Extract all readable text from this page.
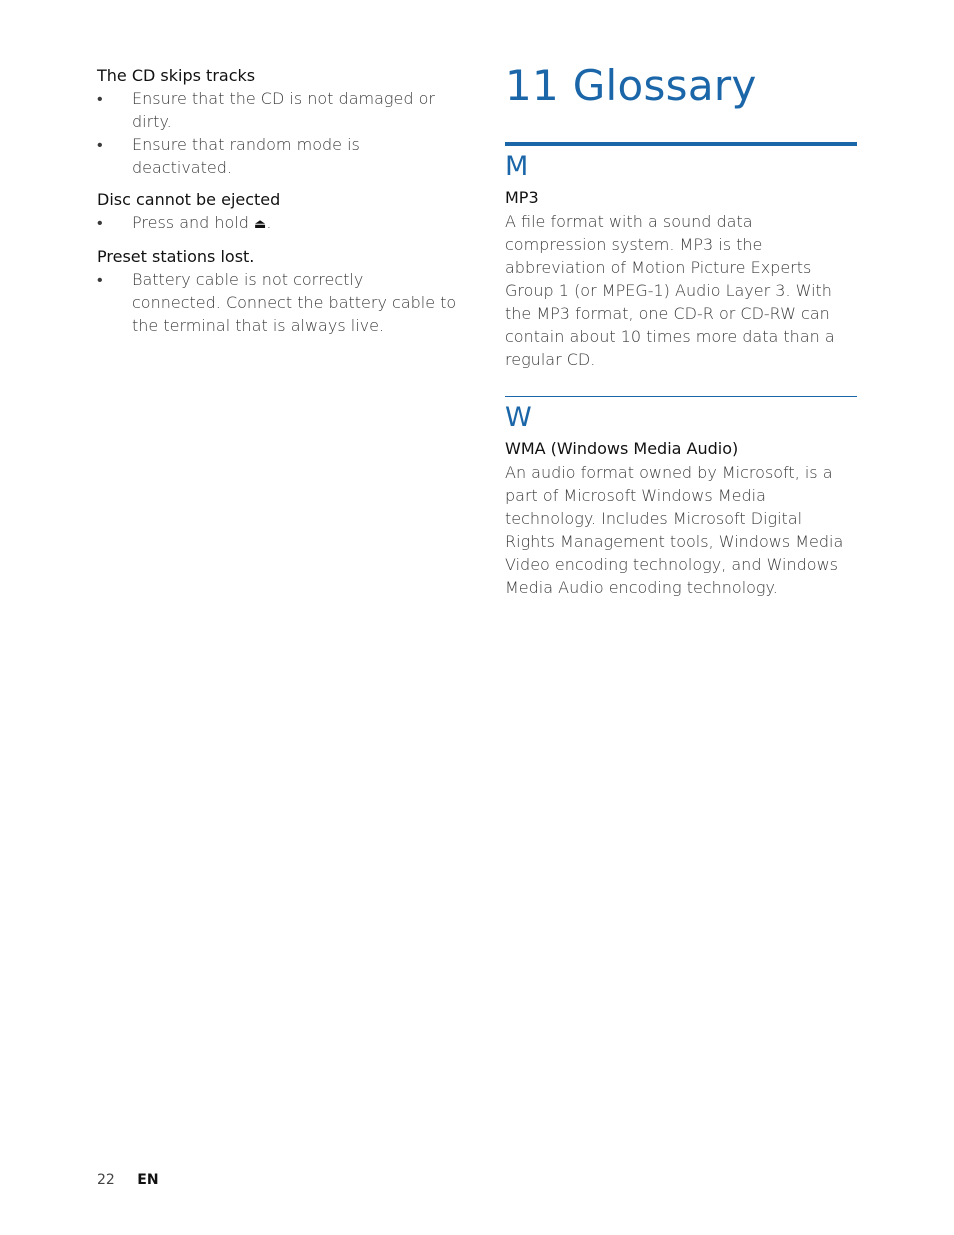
The CD skips tracks
• Ensure that the CD is not damaged or dirty.
• Ensure that random mode is deactivated.
Disc cannot be ejected
• Press and hold ⏏.
Preset stations lost.
• Battery cable is not correctly connected. Connect the battery cable to the terminal that is always live.
11 Glossary
M
MP3
A file format with a sound data compression system. MP3 is the abbreviation of Motion Picture Experts Group 1 (or MPEG-1) Audio Layer 3. With the MP3 format, one CD-R or CD-RW can contain about 10 times more data than a regular CD.
W
WMA (Windows Media Audio)
An audio format owned by Microsoft, is a part of Microsoft Windows Media technology. Includes Microsoft Digital Rights Management tools, Windows Media Video encoding technology, and Windows Media Audio encoding technology.
22 EN
